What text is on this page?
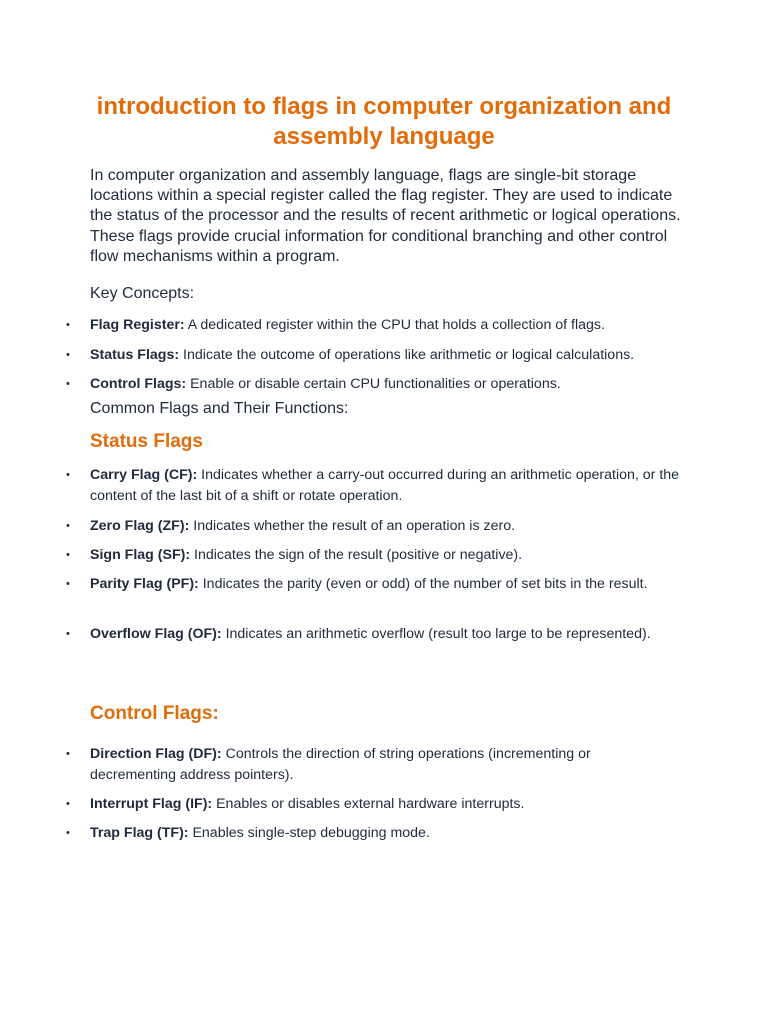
introduction to flags in computer organization and assembly language

In computer organization and assembly language, flags are single-bit storage locations within a special register called the flag register. They are used to indicate the status of the processor and the results of recent arithmetic or logical operations. These flags provide crucial information for conditional branching and other control flow mechanisms within a program.

Key Concepts:

• Flag Register: A dedicated register within the CPU that holds a collection of flags.
• Status Flags: Indicate the outcome of operations like arithmetic or logical calculations.
• Control Flags: Enable or disable certain CPU functionalities or operations.

Common Flags and Their Functions:

Status Flags
• Carry Flag (CF): Indicates whether a carry-out occurred during an arithmetic operation, or the content of the last bit of a shift or rotate operation.
• Zero Flag (ZF): Indicates whether the result of an operation is zero.
• Sign Flag (SF): Indicates the sign of the result (positive or negative).
• Parity Flag (PF): Indicates the parity (even or odd) of the number of set bits in the result.
• Overflow Flag (OF): Indicates an arithmetic overflow (result too large to be represented).
Control Flags:
• Direction Flag (DF): Controls the direction of string operations (incrementing or decrementing address pointers).
• Interrupt Flag (IF): Enables or disables external hardware interrupts.
• Trap Flag (TF): Enables single-step debugging mode.
